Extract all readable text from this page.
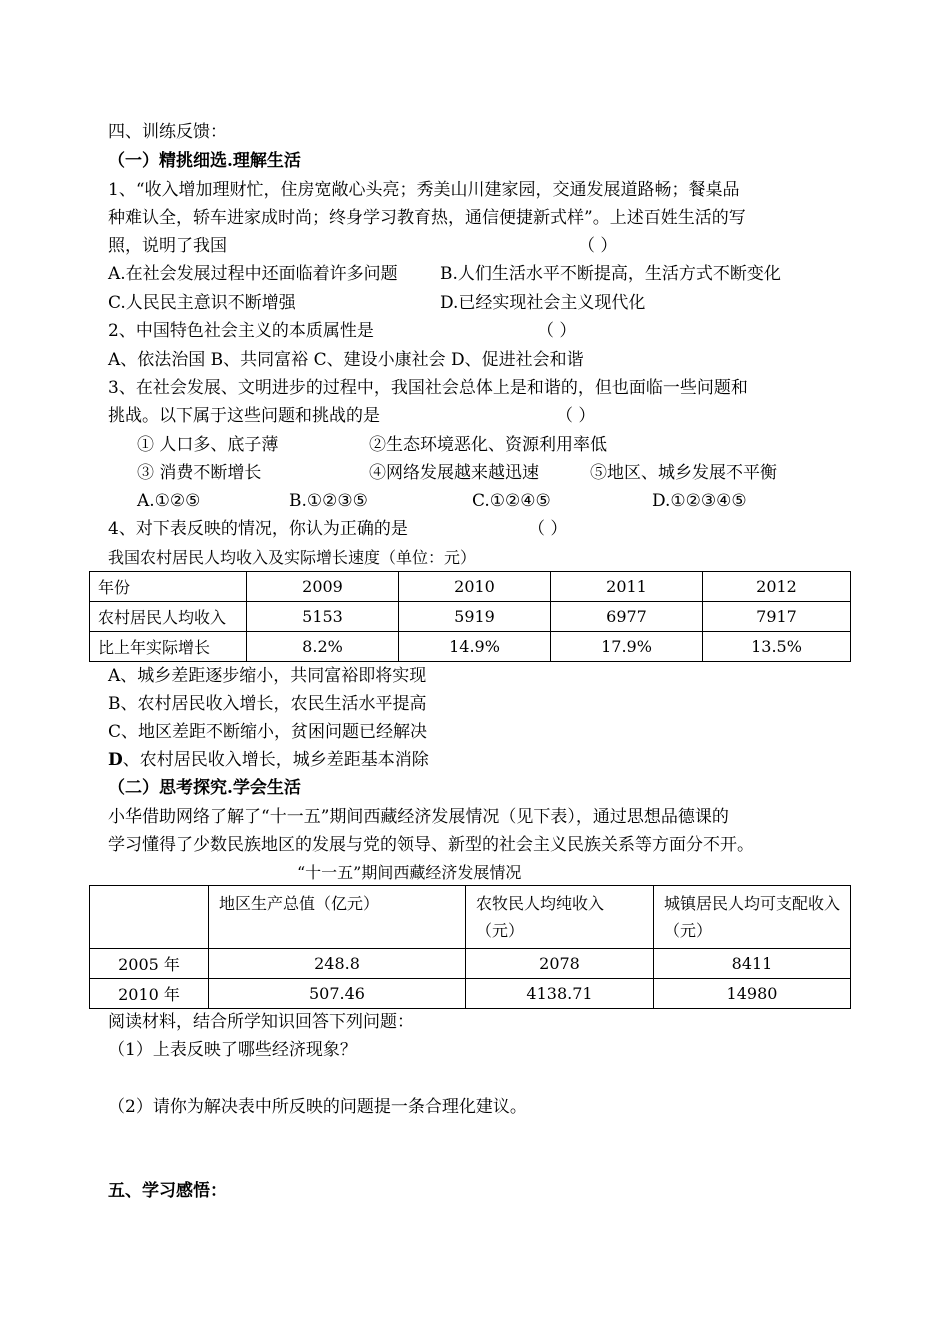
四、训练反馈：
（一）精挑细选.理解生活
1、“收入增加理财忙，住房宽敞心头亮；秀美山川建家园，交通发展道路畅；餐桌品
种难认全，轿车进家成时尚；终身学习教育热，通信便捷新式样”。上述百姓生活的写
照，说明了我国	（ ）
A.在社会发展过程中还面临着许多问题 B.人们生活水平不断提高，生活方式不断变化
C.人民民主意识不断增强	D.已经实现社会主义现代化
2、中国特色社会主义的本质属性是	（ ）
A、依法治国 B、共同富裕 C、建设小康社会 D、促进社会和谐
3、在社会发展、文明进步的过程中，我国社会总体上是和谐的，但也面临一些问题和
挑战。以下属于这些问题和挑战的是	（ ）
① 人口多、底子薄	②生态环境恶化、资源利用率低
③ 消费不断增长	④网络发展越来越迅速	⑤地区、城乡发展不平衡
A.①②⑤	B.①②③⑤	C.①②④⑤	D.①②③④⑤
4、对下表反映的情况，你认为正确的是	（ ）
我国农村居民人均收入及实际增长速度（单位：元）
年份	2009	2010	2011	2012
农村居民人均收入	5153	5919	6977	7917
比上年实际增长	8.2%	14.9%	17.9%	13.5%
A、城乡差距逐步缩小，共同富裕即将实现
B、农村居民收入增长，农民生活水平提高
C、地区差距不断缩小，贫困问题已经解决
D、农村居民收入增长，城乡差距基本消除
（二）思考探究.学会生活
小华借助网络了解了“十一五”期间西藏经济发展情况（见下表），通过思想品德课的
学习懂得了少数民族地区的发展与党的领导、新型的社会主义民族关系等方面分不开。
“十一五”期间西藏经济发展情况
	地区生产总值（亿元）	农牧民人均纯收入（元）	城镇居民人均可支配收入（元）
2005 年	248.8	2078	8411
2010 年	507.46	4138.71	14980
阅读材料，结合所学知识回答下列问题：
（1）上表反映了哪些经济现象？
（2）请你为解决表中所反映的问题提一条合理化建议。
五、学习感悟：
